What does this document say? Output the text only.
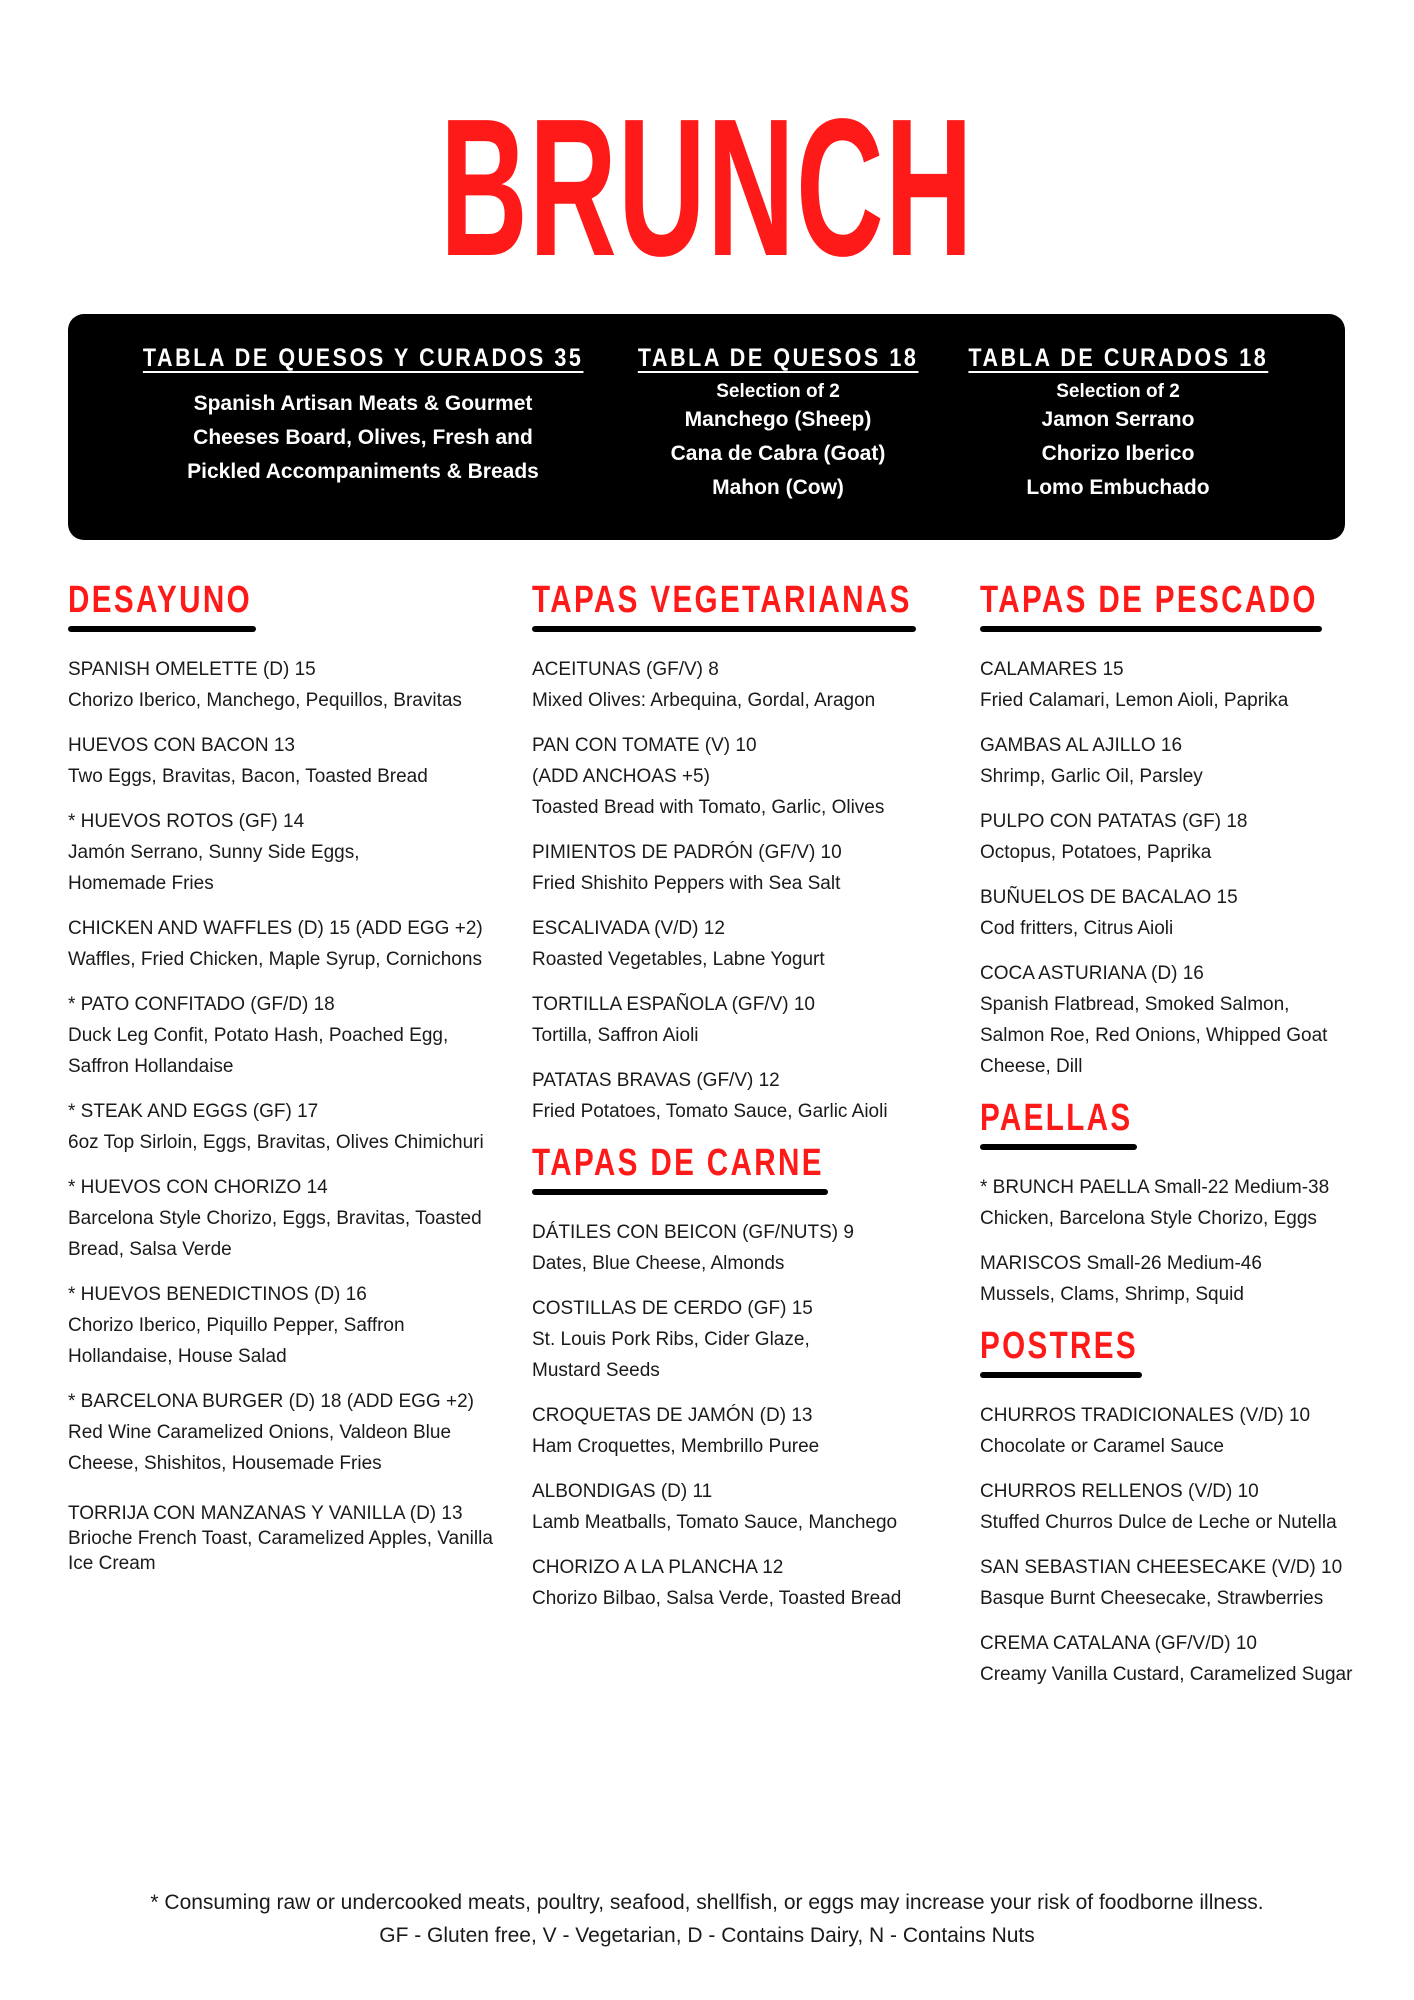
BRUNCH
TABLA DE QUESOS Y CURADOS 35
Spanish Artisan Meats & Gourmet
Cheeses Board, Olives, Fresh and
Pickled Accompaniments & Breads
TABLA DE QUESOS 18
Selection of 2
Manchego (Sheep)
Cana de Cabra (Goat)
Mahon (Cow)
TABLA DE CURADOS 18
Selection of 2
Jamon Serrano
Chorizo Iberico
Lomo Embuchado
DESAYUNO
SPANISH OMELETTE (D) 15
Chorizo Iberico, Manchego, Pequillos, Bravitas
HUEVOS CON BACON 13
Two Eggs, Bravitas, Bacon, Toasted Bread
* HUEVOS ROTOS (GF) 14
Jamón Serrano, Sunny Side Eggs,
Homemade Fries
CHICKEN AND WAFFLES (D) 15 (ADD EGG +2)
Waffles, Fried Chicken, Maple Syrup, Cornichons
* PATO CONFITADO (GF/D) 18
Duck Leg Confit, Potato Hash, Poached Egg,
Saffron Hollandaise
* STEAK AND EGGS (GF) 17
6oz Top Sirloin, Eggs, Bravitas, Olives Chimichuri
* HUEVOS CON CHORIZO 14
Barcelona Style Chorizo, Eggs, Bravitas, Toasted
Bread, Salsa Verde
* HUEVOS BENEDICTINOS (D) 16
Chorizo Iberico, Piquillo Pepper, Saffron
Hollandaise, House Salad
* BARCELONA BURGER (D) 18 (ADD EGG +2)
Red Wine Caramelized Onions, Valdeon Blue
Cheese, Shishitos, Housemade Fries
TORRIJA CON MANZANAS Y VANILLA (D) 13
Brioche French Toast, Caramelized Apples, Vanilla
Ice Cream
TAPAS VEGETARIANAS
ACEITUNAS (GF/V) 8
Mixed Olives: Arbequina, Gordal, Aragon
PAN CON TOMATE (V) 10
(ADD ANCHOAS +5)
Toasted Bread with Tomato, Garlic, Olives
PIMIENTOS DE PADRÓN (GF/V) 10
Fried Shishito Peppers with Sea Salt
ESCALIVADA (V/D) 12
Roasted Vegetables, Labne Yogurt
TORTILLA ESPAÑOLA (GF/V) 10
Tortilla, Saffron Aioli
PATATAS BRAVAS (GF/V) 12
Fried Potatoes, Tomato Sauce, Garlic Aioli
TAPAS DE CARNE
DÁTILES CON BEICON (GF/NUTS) 9
Dates, Blue Cheese, Almonds
COSTILLAS DE CERDO (GF) 15
St. Louis Pork Ribs, Cider Glaze,
Mustard Seeds
CROQUETAS DE JAMÓN (D) 13
Ham Croquettes, Membrillo Puree
ALBONDIGAS (D) 11
Lamb Meatballs, Tomato Sauce, Manchego
CHORIZO A LA PLANCHA 12
Chorizo Bilbao, Salsa Verde, Toasted Bread
TAPAS DE PESCADO
CALAMARES 15
Fried Calamari, Lemon Aioli, Paprika
GAMBAS AL AJILLO 16
Shrimp, Garlic Oil, Parsley
PULPO CON PATATAS (GF) 18
Octopus, Potatoes, Paprika
BUÑUELOS DE BACALAO 15
Cod fritters, Citrus Aioli
COCA ASTURIANA (D) 16
Spanish Flatbread, Smoked Salmon,
Salmon Roe, Red Onions, Whipped Goat
Cheese, Dill
PAELLAS
* BRUNCH PAELLA Small-22 Medium-38
Chicken, Barcelona Style Chorizo, Eggs
MARISCOS Small-26 Medium-46
Mussels, Clams, Shrimp, Squid
POSTRES
CHURROS TRADICIONALES (V/D) 10
Chocolate or Caramel Sauce
CHURROS RELLENOS (V/D) 10
Stuffed Churros Dulce de Leche or Nutella
SAN SEBASTIAN CHEESECAKE (V/D) 10
Basque Burnt Cheesecake, Strawberries
CREMA CATALANA (GF/V/D) 10
Creamy Vanilla Custard, Caramelized Sugar
* Consuming raw or undercooked meats, poultry, seafood, shellfish, or eggs may increase your risk of foodborne illness.
GF - Gluten free, V - Vegetarian, D - Contains Dairy, N - Contains Nuts
